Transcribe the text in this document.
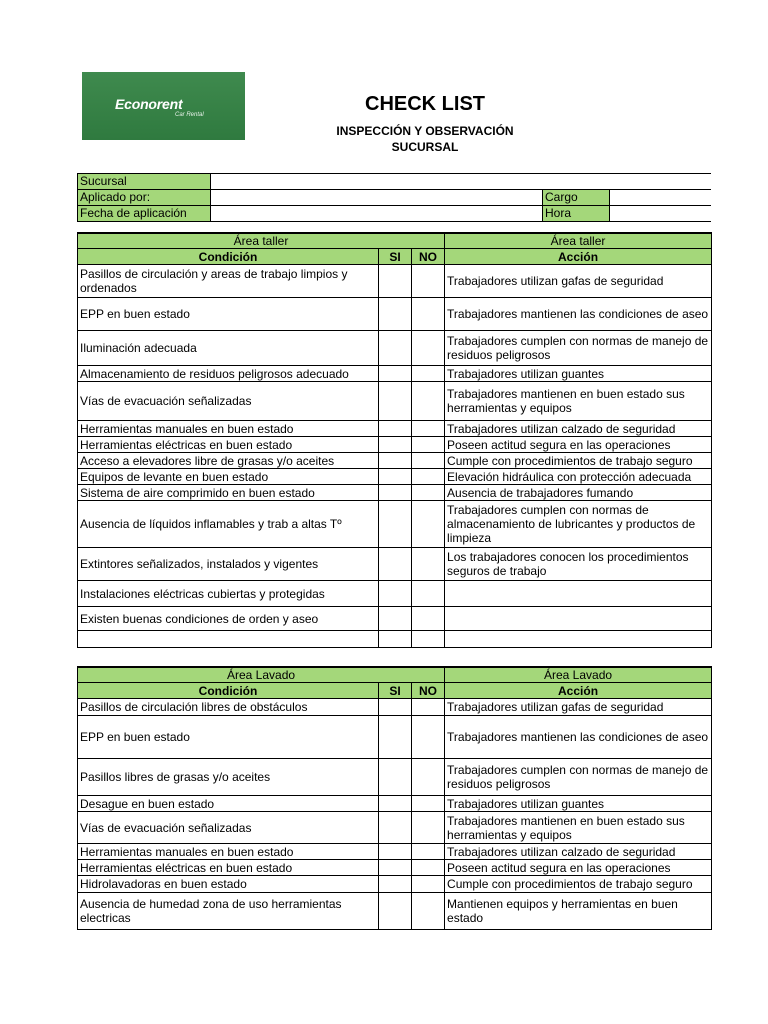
Econorent
Car Rental	CHECK LIST
INSPECCIÓN Y OBSERVACIÓN
SUCURSAL
Sucursal			
Aplicado por:		Cargo	
Fecha de aplicación		Hora	
Área taller			Área taller
Condición	SI	NO	Acción
Pasillos de circulación y areas de trabajo limpios y ordenados			Trabajadores utilizan gafas de seguridad
EPP en buen estado			Trabajadores mantienen las condiciones de aseo
Iluminación adecuada			Trabajadores cumplen con normas de manejo de residuos peligrosos
Almacenamiento de residuos peligrosos adecuado			Trabajadores utilizan guantes
Vías de evacuación señalizadas			Trabajadores mantienen en buen estado sus herramientas y equipos
Herramientas manuales en buen estado			Trabajadores utilizan calzado de seguridad
Herramientas eléctricas en buen estado			Poseen actitud segura en las operaciones
Acceso a elevadores libre de grasas y/o aceites			Cumple con procedimientos de trabajo seguro
Equipos de levante en buen estado			Elevación hidráulica con protección adecuada
Sistema de aire comprimido en buen estado			Ausencia de trabajadores fumando
Ausencia de líquidos inflamables y trab a altas Tº			Trabajadores cumplen con normas de almacenamiento de lubricantes y productos de limpieza
Extintores señalizados, instalados y vigentes			Los trabajadores conocen los procedimientos seguros de trabajo
Instalaciones eléctricas cubiertas y protegidas			
Existen buenas condiciones de orden y aseo			

Área Lavado			Área Lavado
Condición	SI	NO	Acción
Pasillos de circulación libres de obstáculos			Trabajadores utilizan gafas de seguridad
EPP en buen estado			Trabajadores mantienen las condiciones de aseo
Pasillos libres de grasas y/o aceites			Trabajadores cumplen con normas de manejo de residuos peligrosos
Desague en buen estado			Trabajadores utilizan guantes
Vías de evacuación señalizadas			Trabajadores mantienen en buen estado sus herramientas y equipos
Herramientas manuales en buen estado			Trabajadores utilizan calzado de seguridad
Herramientas eléctricas en buen estado			Poseen actitud segura en las operaciones
Hidrolavadoras en buen estado			Cumple con procedimientos de trabajo seguro
Ausencia de humedad zona de uso herramientas electricas			Mantienen equipos y herramientas en buen estado
